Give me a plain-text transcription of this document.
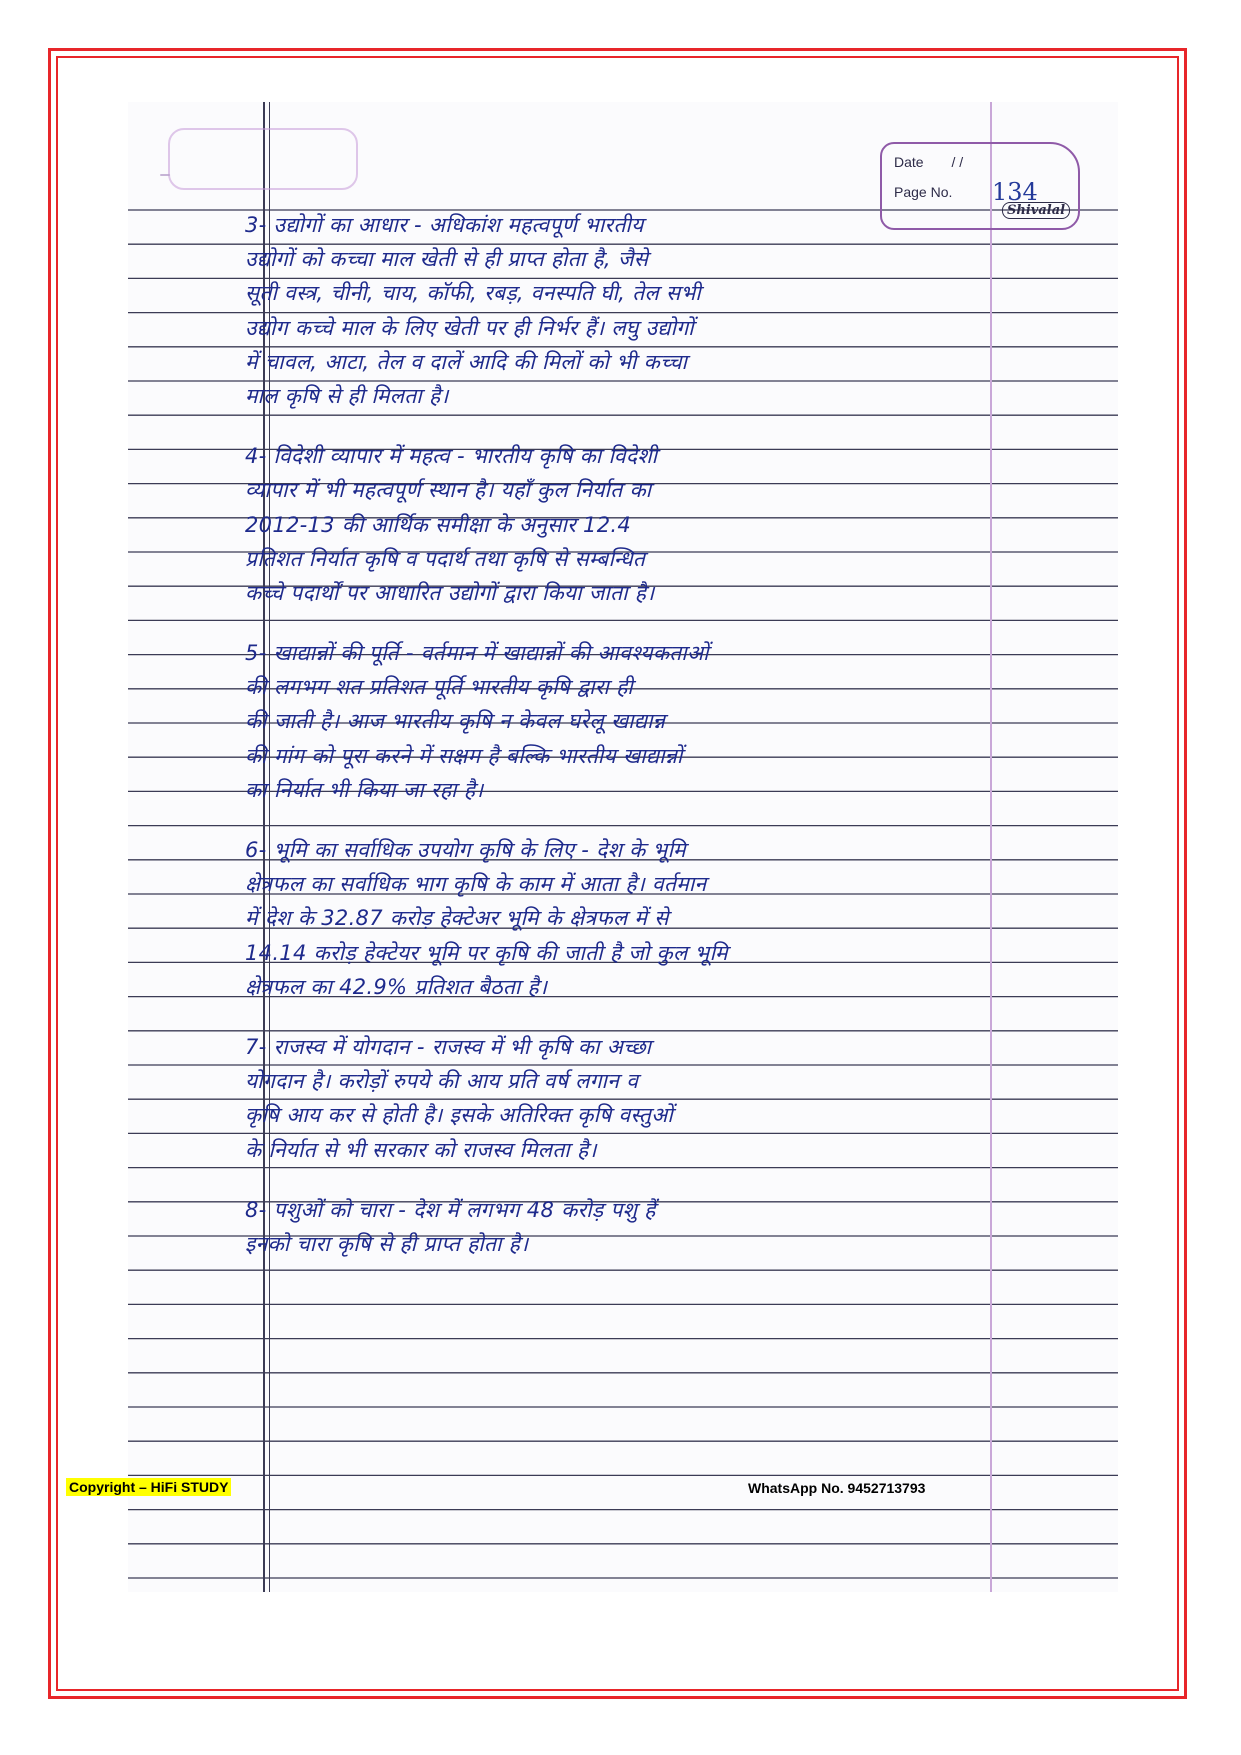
Date / /
Page No. 134
Shivalal
3- उद्योगों का आधार - अधिकांश महत्वपूर्ण भारतीय
उद्योगों को कच्चा माल खेती से ही प्राप्त होता है, जैसे
सूती वस्त्र, चीनी, चाय, कॉफी, रबड़, वनस्पति घी, तेल सभी
उद्योग कच्चे माल के लिए खेती पर ही निर्भर हैं। लघु उद्योगों
में चावल, आटा, तेल व दालें आदि की मिलों को भी कच्चा
माल कृषि से ही मिलता है।
4- विदेशी व्यापार में महत्व - भारतीय कृषि का विदेशी
व्यापार में भी महत्वपूर्ण स्थान है। यहाँ कुल निर्यात का
2012-13 की आर्थिक समीक्षा के अनुसार 12.4
प्रतिशत निर्यात कृषि व पदार्थ तथा कृषि से सम्बन्धित
कच्चे पदार्थों पर आधारित उद्योगों द्वारा किया जाता है।
5- खाद्यान्नों की पूर्ति - वर्तमान में खाद्यान्नों की आवश्यकताओं
की लगभग शत प्रतिशत पूर्ति भारतीय कृषि द्वारा ही
की जाती है। आज भारतीय कृषि न केवल घरेलू खाद्यान्न
की मांग को पूरा करने में सक्षम है बल्कि भारतीय खाद्यान्नों
का निर्यात भी किया जा रहा है।
6- भूमि का सर्वाधिक उपयोग कृषि के लिए - देश के भूमि
क्षेत्रफल का सर्वाधिक भाग कृषि के काम में आता है। वर्तमान
में देश के 32.87 करोड़ हेक्टेअर भूमि के क्षेत्रफल में से
14.14 करोड़ हेक्टेयर भूमि पर कृषि की जाती है जो कुल भूमि
क्षेत्रफल का 42.9% प्रतिशत बैठता है।
7- राजस्व में योगदान - राजस्व में भी कृषि का अच्छा
योगदान है। करोड़ों रुपये की आय प्रति वर्ष लगान व
कृषि आय कर से होती है। इसके अतिरिक्त कृषि वस्तुओं
के निर्यात से भी सरकार को राजस्व मिलता है।
8- पशुओं को चारा - देश में लगभग 48 करोड़ पशु हैं
इनको चारा कृषि से ही प्राप्त होता है।
Copyright – HiFi STUDY	WhatsApp No. 9452713793
